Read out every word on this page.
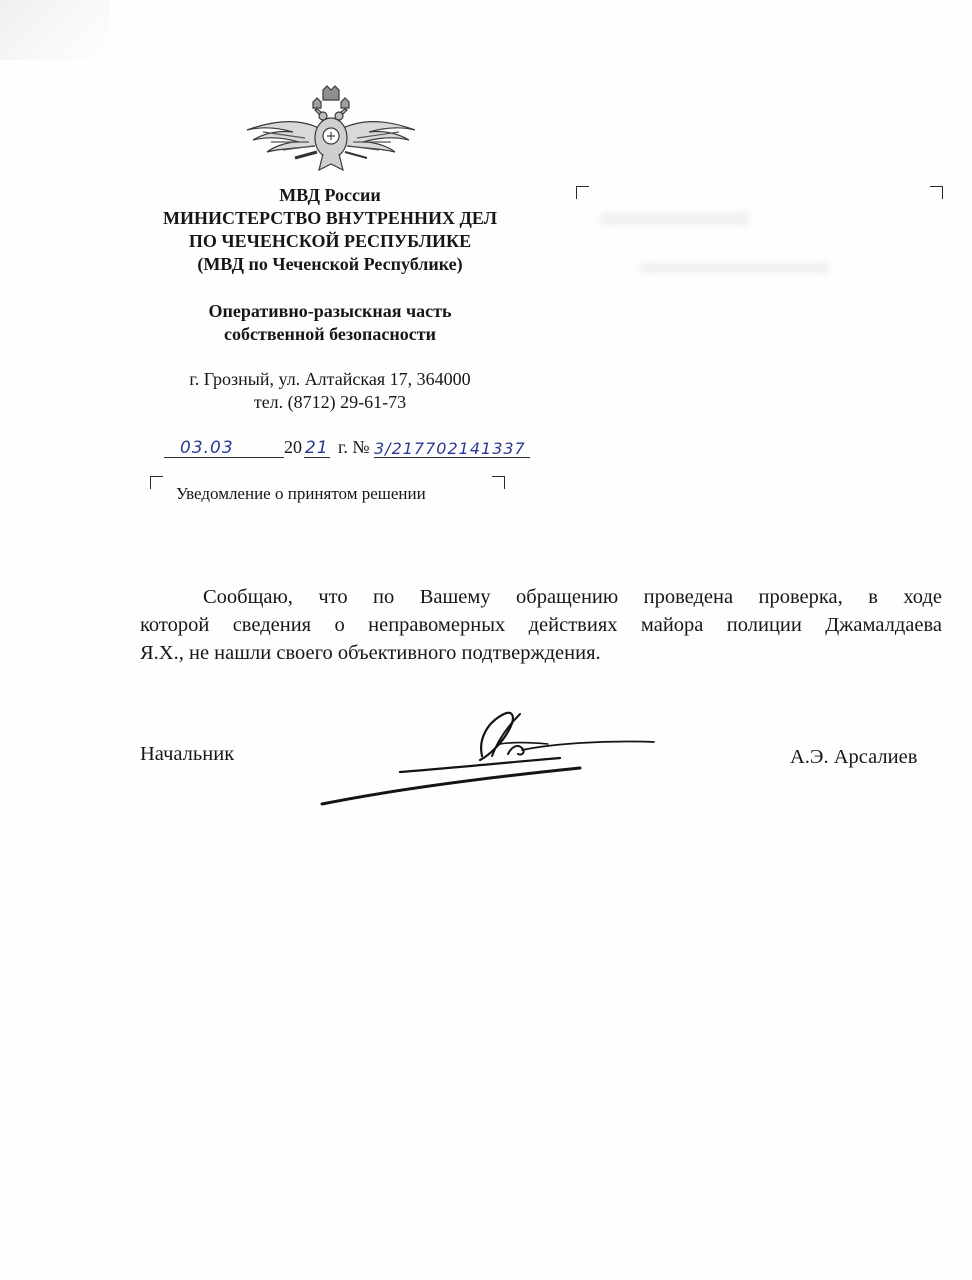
МВД России
МИНИСТЕРСТВО ВНУТРЕННИХ ДЕЛ
ПО ЧЕЧЕНСКОЙ РЕСПУБЛИКЕ
(МВД по Чеченской Республике)
Оперативно-разыскная часть
собственной безопасности
г. Грозный, ул. Алтайская 17, 364000
тел. (8712) 29-61-73
03.03	20 21 г. № 3/217702141337
Уведомление о принятом решении

Сообщаю, что по Вашему обращению проведена проверка, в ходе
которой сведения о неправомерных действиях майора полиции Джамалдаева
Я.Х., не нашли своего объективного подтверждения.

Начальник	А.Э. Арсалиев
